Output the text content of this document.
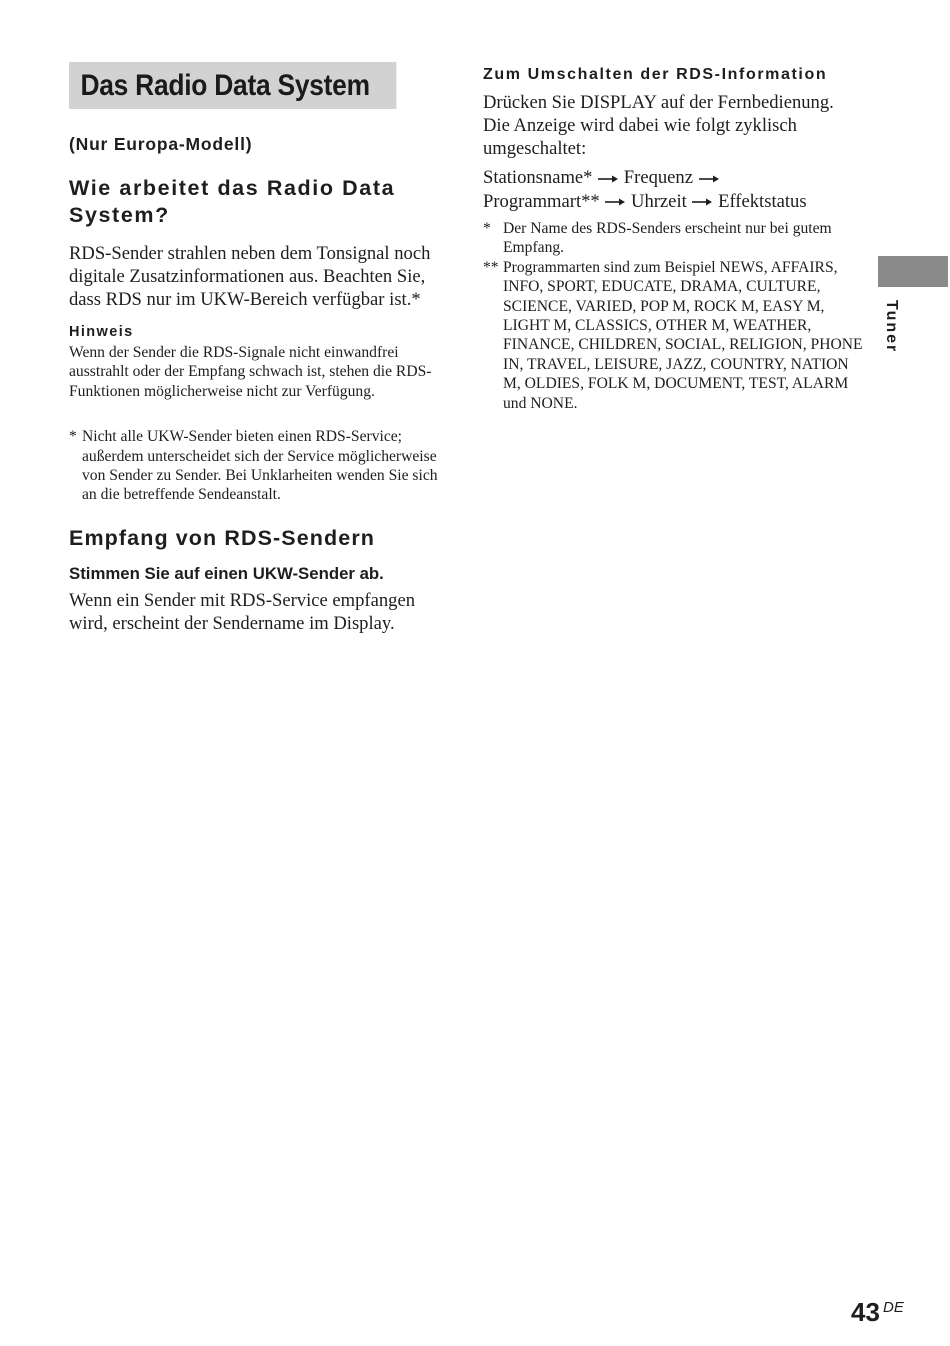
Das Radio Data System
(Nur Europa-Modell)
Wie arbeitet das Radio Data System?
RDS-Sender strahlen neben dem Tonsignal noch digitale Zusatzinformationen aus. Beachten Sie, dass RDS nur im UKW-Bereich verfügbar ist.*
Hinweis
Wenn der Sender die RDS-Signale nicht einwandfrei ausstrahlt oder der Empfang schwach ist, stehen die RDS-Funktionen möglicherweise nicht zur Verfügung.
* Nicht alle UKW-Sender bieten einen RDS-Service; außerdem unterscheidet sich der Service möglicherweise von Sender zu Sender. Bei Unklarheiten wenden Sie sich an die betreffende Sendeanstalt.
Empfang von RDS-Sendern
Stimmen Sie auf einen UKW-Sender ab.
Wenn ein Sender mit RDS-Service empfangen wird, erscheint der Sendername im Display.
Zum Umschalten der RDS-Information
Drücken Sie DISPLAY auf der Fernbedienung. Die Anzeige wird dabei wie folgt zyklisch umgeschaltet:
Stationsname* Frequenz
Programmart** Uhrzeit Effektstatus
* Der Name des RDS-Senders erscheint nur bei gutem Empfang.
** Programmarten sind zum Beispiel NEWS, AFFAIRS, INFO, SPORT, EDUCATE, DRAMA, CULTURE, SCIENCE, VARIED, POP M, ROCK M, EASY M, LIGHT M, CLASSICS, OTHER M, WEATHER, FINANCE, CHILDREN, SOCIAL, RELIGION, PHONE IN, TRAVEL, LEISURE, JAZZ, COUNTRY, NATION M, OLDIES, FOLK M, DOCUMENT, TEST, ALARM und NONE.
Tuner
43 DE
